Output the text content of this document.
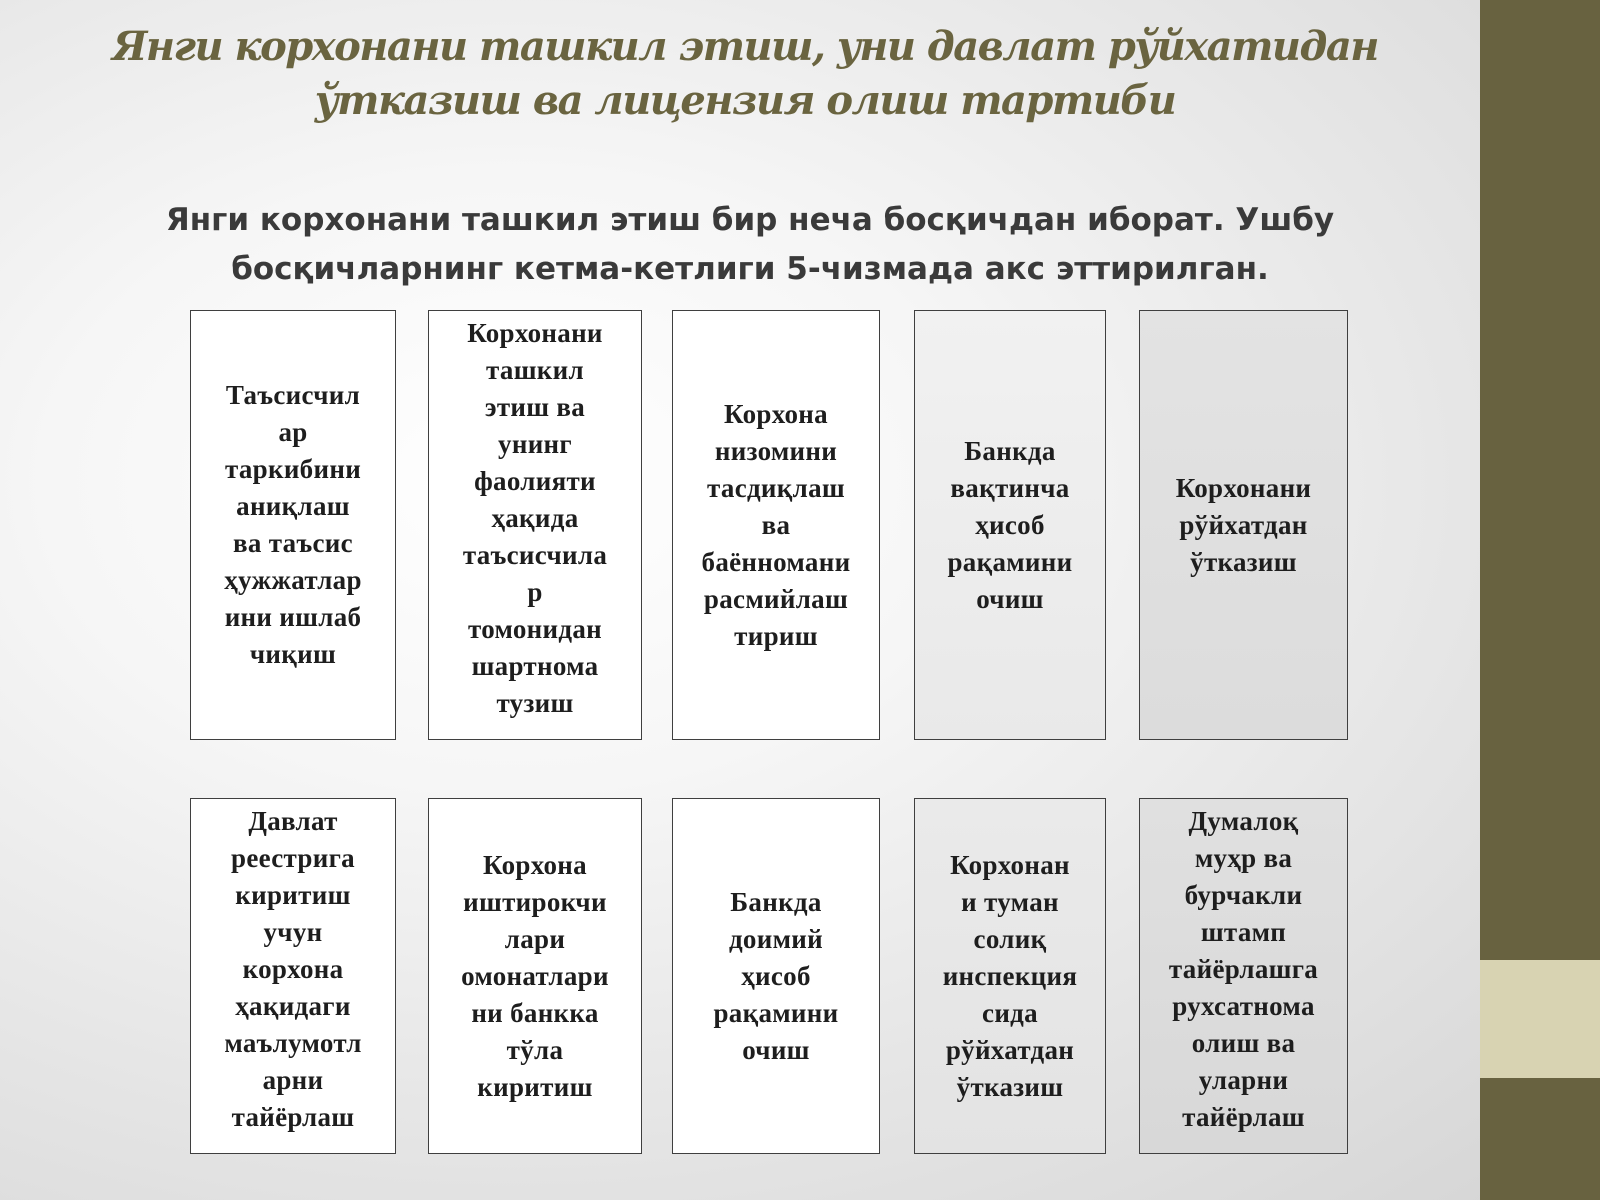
Янги корхонани ташкил этиш, уни давлат рўйхатидан ўтказиш ва лицензия олиш тартиби

Янги корхонани ташкил этиш бир неча босқичдан иборат. Ушбу
босқичларнинг кетма-кетлиги 5-чизмада акс эттирилган.

Таъсисчил
ар
таркибини
аниқлаш
ва таъсис
ҳужжатлар
ини ишлаб
чиқиш
Корхонани
ташкил
этиш ва
унинг
фаолияти
ҳақида
таъсисчила
р
томонидан
шартнома
тузиш
Корхона
низомини
тасдиқлаш
ва
баённомани
расмийлаш
тириш
Банкда
вақтинча
ҳисоб
рақамини
очиш
Корхонани
рўйхатдан
ўтказиш
Давлат
реестрига
киритиш
учун
корхона
ҳақидаги
маълумотл
арни
тайёрлаш
Корхона
иштирокчи
лари
омонатлари
ни банкка
тўла
киритиш
Банкда
доимий
ҳисоб
рақамини
очиш
Корхонан
и туман
солиқ
инспекция
сида
рўйхатдан
ўтказиш
Думалоқ
муҳр ва
бурчакли
штамп
тайёрлашга
рухсатнома
олиш ва
уларни
тайёрлаш
